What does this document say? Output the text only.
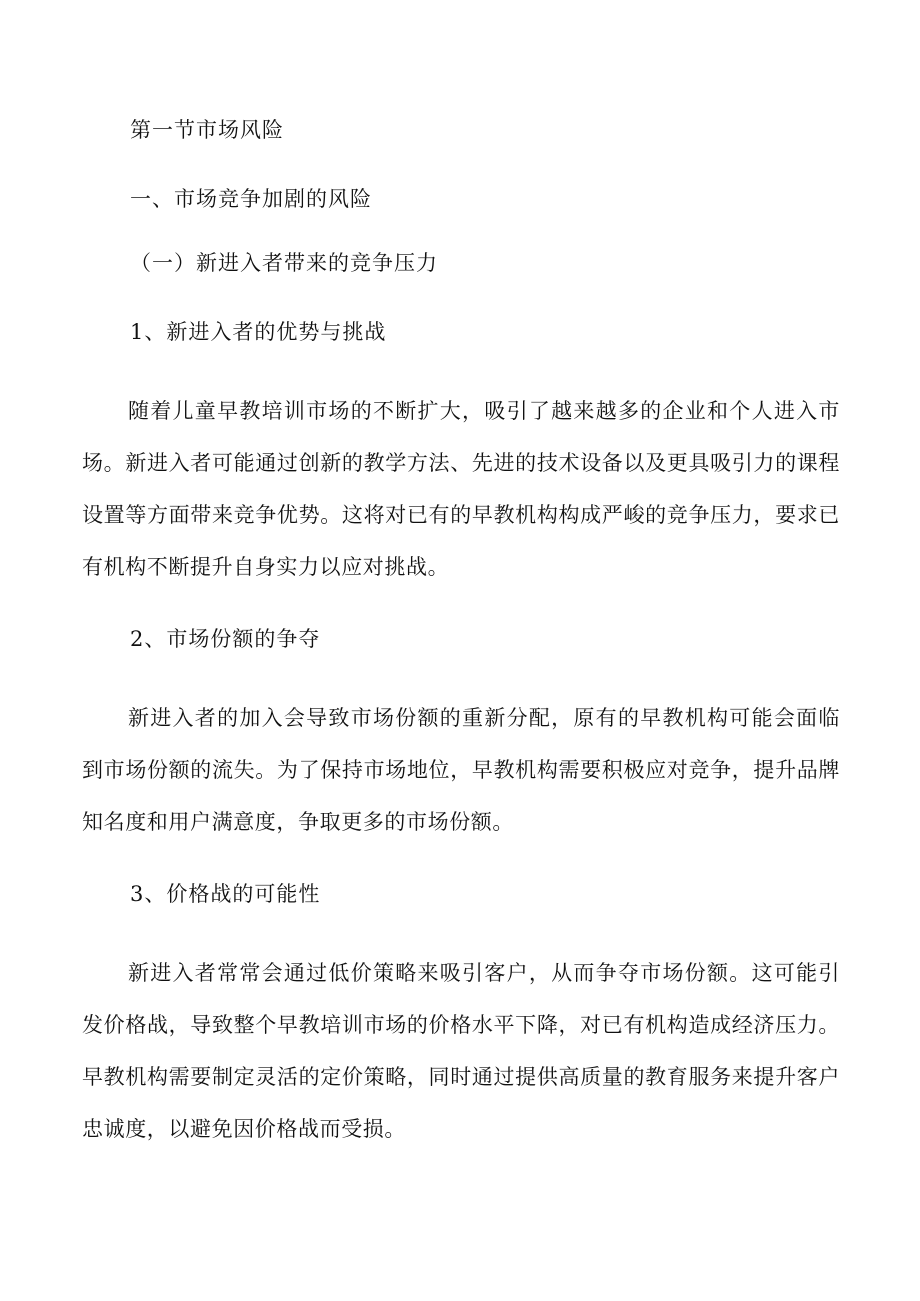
第一节市场风险
一、市场竞争加剧的风险
（一）新进入者带来的竞争压力
1、新进入者的优势与挑战
随着儿童早教培训市场的不断扩大，吸引了越来越多的企业和个人进入市场。新进入者可能通过创新的教学方法、先进的技术设备以及更具吸引力的课程设置等方面带来竞争优势。这将对已有的早教机构构成严峻的竞争压力，要求已有机构不断提升自身实力以应对挑战。
2、市场份额的争夺
新进入者的加入会导致市场份额的重新分配，原有的早教机构可能会面临到市场份额的流失。为了保持市场地位，早教机构需要积极应对竞争，提升品牌知名度和用户满意度，争取更多的市场份额。
3、价格战的可能性
新进入者常常会通过低价策略来吸引客户，从而争夺市场份额。这可能引发价格战，导致整个早教培训市场的价格水平下降，对已有机构造成经济压力。早教机构需要制定灵活的定价策略，同时通过提供高质量的教育服务来提升客户忠诚度，以避免因价格战而受损。
